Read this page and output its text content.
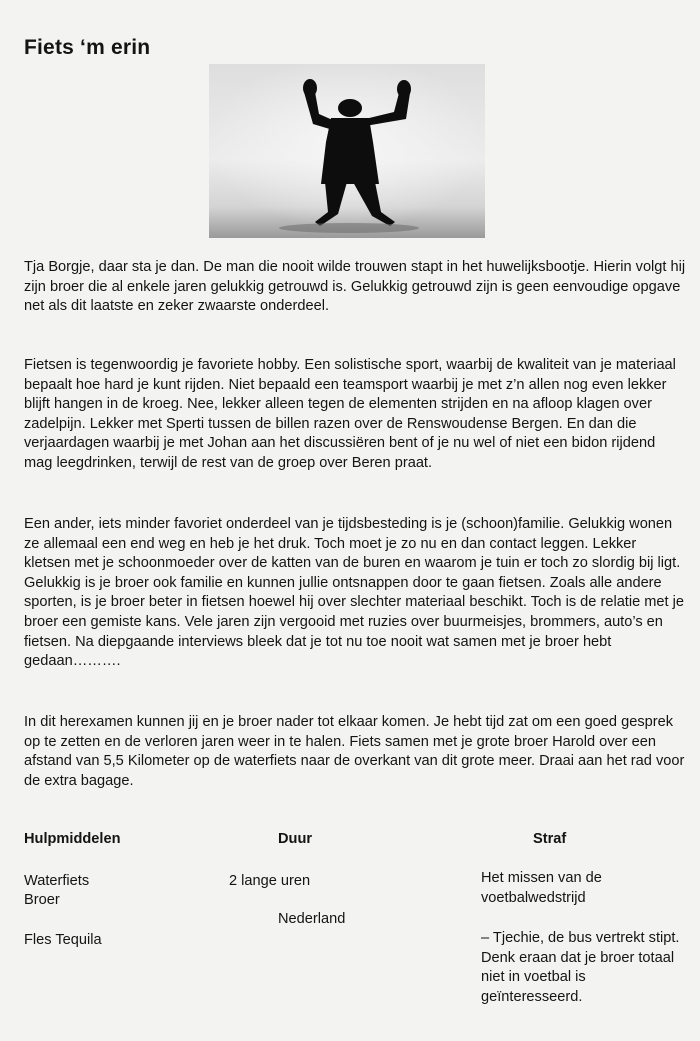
Fiets ‘m erin

Tja Borgje, daar sta je dan. De man die nooit wilde trouwen stapt in het huwelijksbootje. Hierin volgt hij zijn broer die al enkele jaren gelukkig getrouwd is. Gelukkig getrouwd zijn is geen eenvoudige opgave net als dit laatste en zeker zwaarste onderdeel.

Fietsen is tegenwoordig je favoriete hobby. Een solistische sport, waarbij de kwaliteit van je materiaal bepaalt hoe hard je kunt rijden. Niet bepaald een teamsport waarbij je met z’n allen nog even lekker blijft hangen in de kroeg. Nee, lekker alleen tegen de elementen strijden en na afloop klagen over zadelpijn. Lekker met Sperti tussen de billen razen over de Renswoudense Bergen. En dan die verjaardagen waarbij je met Johan aan het discussiëren bent of je nu wel of niet een bidon rijdend mag leegdrinken, terwijl de rest van de groep over Beren praat.

Een ander, iets minder favoriet onderdeel van je tijdsbesteding is je (schoon)familie. Gelukkig wonen ze allemaal een end weg en heb je het druk. Toch moet je zo nu en dan contact leggen. Lekker kletsen met je schoonmoeder over de katten van de buren en waarom je tuin er toch zo slordig bij ligt. Gelukkig is je broer ook familie en kunnen jullie ontsnappen door te gaan fietsen. Zoals alle andere sporten, is je broer beter in fietsen hoewel hij over slechter materiaal beschikt. Toch is de relatie met je broer een gemiste kans. Vele jaren zijn vergooid met ruzies over buurmeisjes, brommers, auto’s en fietsen. Na diepgaande interviews bleek dat je tot nu toe nooit wat samen met je broer hebt gedaan……….

In dit herexamen kunnen jij en je broer nader tot elkaar komen. Je hebt tijd zat om een goed gesprek op te zetten en de verloren jaren weer in te halen. Fiets samen met je grote broer Harold over een afstand van 5,5 Kilometer op de waterfiets naar de overkant van dit grote meer. Draai aan het rad voor de extra bagage.

Hulpmiddelen	Duur	Straf
Waterfiets
Broer
Fles Tequila
2 lange uren
Nederland
Het missen van de voetbalwedstrijd
– Tjechie, de bus vertrekt stipt. Denk eraan dat je broer totaal niet in voetbal is geïnteresseerd.
